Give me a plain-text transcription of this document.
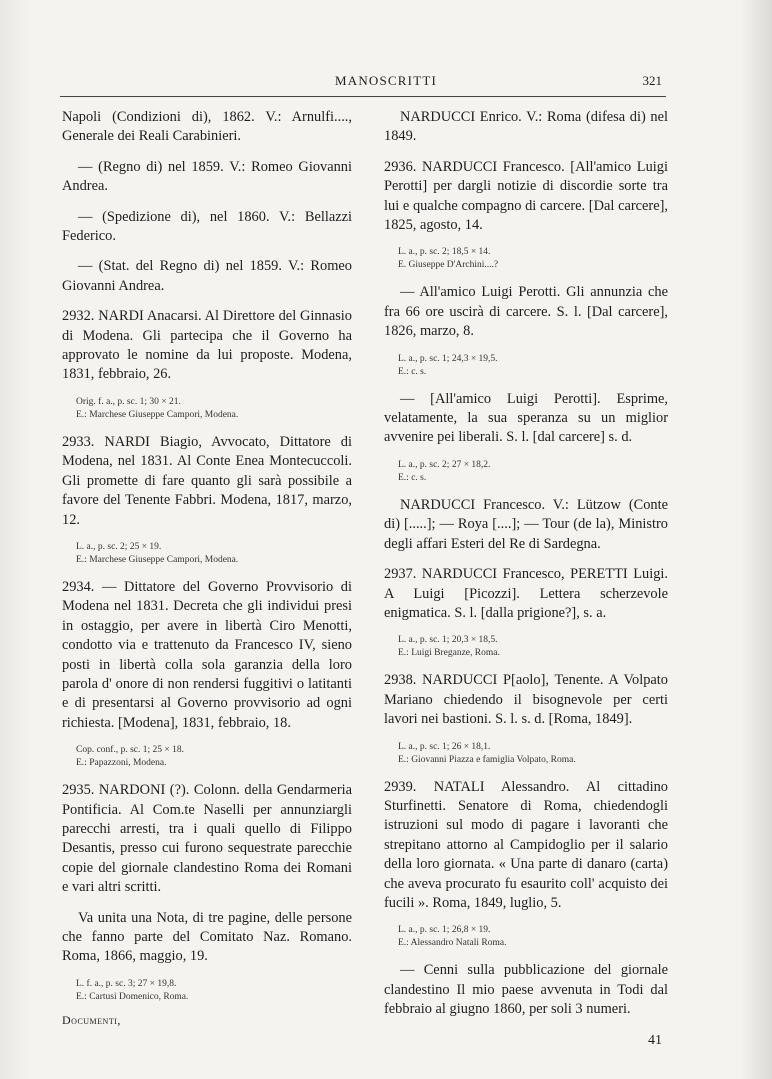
MANOSCRITTI	321
Napoli (Condizioni di), 1862. V.: Arnulfi...., Generale dei Reali Carabinieri.
— (Regno di) nel 1859. V.: Romeo Giovanni Andrea.
— (Spedizione di), nel 1860. V.: Bellazzi Federico.
— (Stat. del Regno di) nel 1859. V.: Romeo Giovanni Andrea.
2932. NARDI Anacarsi. Al Direttore del Ginnasio di Modena. Gli partecipa che il Governo ha approvato le nomine da lui proposte. Modena, 1831, febbraio, 26.
Orig. f. a., p. sc. 1; 30 × 21.
E.: Marchese Giuseppe Campori, Modena.
2933. NARDI Biagio, Avvocato, Dittatore di Modena, nel 1831. Al Conte Enea Montecuccoli. Gli promette di fare quanto gli sarà possibile a favore del Tenente Fabbri. Modena, 1817, marzo, 12.
L. a., p. sc. 2; 25 × 19.
E.: Marchese Giuseppe Campori, Modena.
2934. — Dittatore del Governo Provvisorio di Modena nel 1831. Decreta che gli individui presi in ostaggio, per avere in libertà Ciro Menotti, condotto via e trattenuto da Francesco IV, sieno posti in libertà colla sola garanzia della loro parola d' onore di non rendersi fuggitivi o latitanti e di presentarsi al Governo provvisorio ad ogni richiesta. [Modena], 1831, febbraio, 18.
Cop. conf., p. sc. 1; 25 × 18.
E.: Papazzoni, Modena.
2935. NARDONI (?). Colonn. della Gendarmeria Pontificia. Al Com.te Naselli per annunziargli parecchi arresti, tra i quali quello di Filippo Desantis, presso cui furono sequestrate parecchie copie del giornale clandestino Roma dei Romani e vari altri scritti.
Va unita una Nota, di tre pagine, delle persone che fanno parte del Comitato Naz. Romano. Roma, 1866, maggio, 19.
L. f. a., p. sc. 3; 27 × 19,8.
E.: Cartusi Domenico, Roma.
Documenti,
NARDUCCI Enrico. V.: Roma (difesa di) nel 1849.
2936. NARDUCCI Francesco. [All'amico Luigi Perotti] per dargli notizie di discordie sorte tra lui e qualche compagno di carcere. [Dal carcere], 1825, agosto, 14.
L. a., p. sc. 2; 18,5 × 14.
E. Giuseppe D'Archini....?
— All'amico Luigi Perotti. Gli annunzia che fra 66 ore uscirà di carcere. S. l. [Dal carcere], 1826, marzo, 8.
L. a., p. sc. 1; 24,3 × 19,5.
E.: c. s.
— [All'amico Luigi Perotti]. Esprime, velatamente, la sua speranza su un miglior avvenire pei liberali. S. l. [dal carcere] s. d.
L. a., p. sc. 2; 27 × 18,2.
E.: c. s.
NARDUCCI Francesco. V.: Lützow (Conte di) [.....]; — Roya [....]; — Tour (de la), Ministro degli affari Esteri del Re di Sardegna.
2937. NARDUCCI Francesco, PERETTI Luigi. A Luigi [Picozzi]. Lettera scherzevole enigmatica. S. l. [dalla prigione?], s. a.
L. a., p. sc. 1; 20,3 × 18,5.
E.: Luigi Breganze, Roma.
2938. NARDUCCI P[aolo], Tenente. A Volpato Mariano chiedendo il bisognevole per certi lavori nei bastioni. S. l. s. d. [Roma, 1849].
L. a., p. sc. 1; 26 × 18,1.
E.: Giovanni Piazza e famiglia Volpato, Roma.
2939. NATALI Alessandro. Al cittadino Sturfinetti. Senatore di Roma, chiedendogli istruzioni sul modo di pagare i lavoranti che strepitano attorno al Campidoglio per il salario della loro giornata. « Una parte di danaro (carta) che aveva procurato fu esaurito coll' acquisto dei fucili ». Roma, 1849, luglio, 5.
L. a., p. sc. 1; 26,8 × 19.
E.: Alessandro Natali Roma.
— Cenni sulla pubblicazione del giornale clandestino Il mio paese avvenuta in Todi dal febbraio al giugno 1860, per soli 3 numeri.
41
